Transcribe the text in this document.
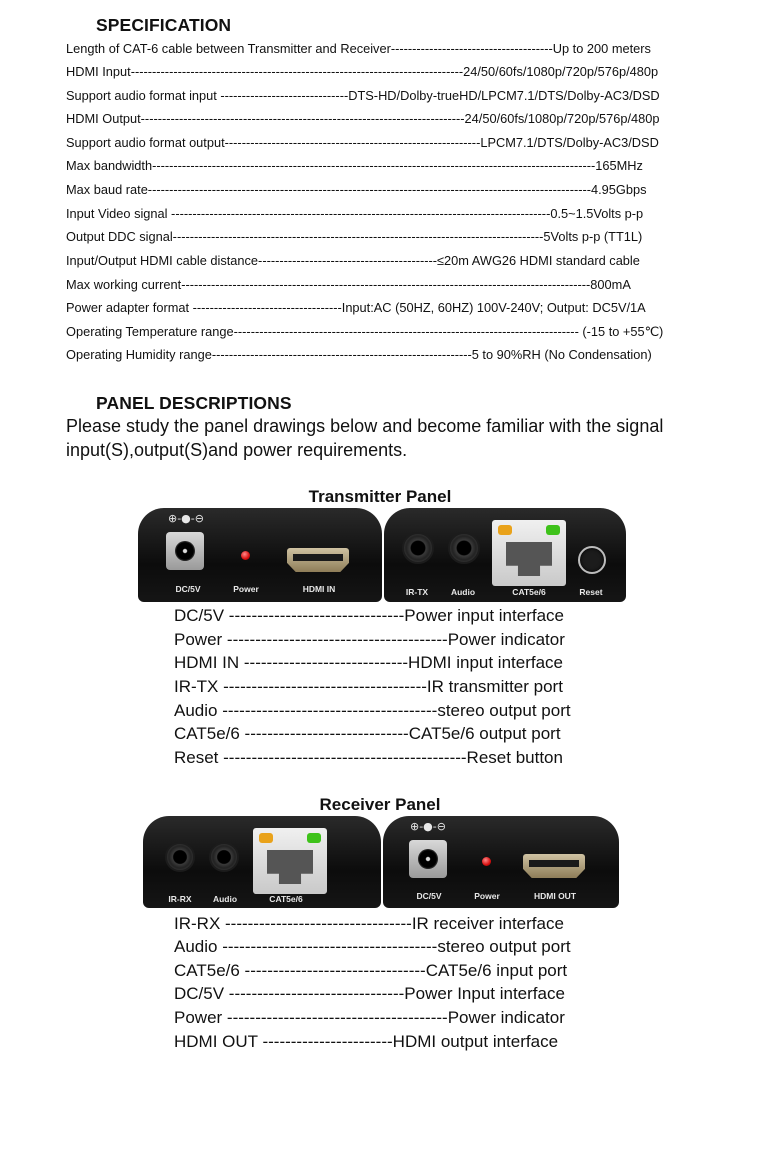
SPECIFICATION
Length of CAT-6 cable between Transmitter and Receiver--------------------------------------Up to 200 meters
HDMI Input------------------------------------------------------------------------------24/50/60fs/1080p/720p/576p/480p
Support audio format input ------------------------------DTS-HD/Dolby-trueHD/LPCM7.1/DTS/Dolby-AC3/DSD
HDMI Output----------------------------------------------------------------------------24/50/60fs/1080p/720p/576p/480p
Support audio format output------------------------------------------------------------LPCM7.1/DTS/Dolby-AC3/DSD
Max bandwidth--------------------------------------------------------------------------------------------------------165MHz
Max baud rate--------------------------------------------------------------------------------------------------------4.95Gbps
Input Video signal -----------------------------------------------------------------------------------------0.5~1.5Volts p-p
Output DDC signal---------------------------------------------------------------------------------------5Volts p-p (TT1L)
Input/Output HDMI cable distance------------------------------------------≤20m AWG26 HDMI standard cable
Max working current------------------------------------------------------------------------------------------------800mA
Power adapter format -----------------------------------Input:AC (50HZ, 60HZ) 100V-240V; Output: DC5V/1A
Operating Temperature range--------------------------------------------------------------------------------- (-15 to +55℃)
Operating Humidity range-------------------------------------------------------------5 to 90%RH (No Condensation)
PANEL DESCRIPTIONS
Please study the panel drawings below and become familiar with the signal input(S),output(S)and power requirements.
Transmitter Panel
⊕-●-⊖
DC/5V	Power	HDMI IN	IR-TX	Audio	CAT5e/6	Reset
DC/5V -------------------------------Power input interface
Power ---------------------------------------Power indicator
HDMI IN -----------------------------HDMI input interface
IR-TX ------------------------------------IR transmitter port
Audio --------------------------------------stereo output port
CAT5e/6 -----------------------------CAT5e/6 output port
Reset -------------------------------------------Reset button
Receiver Panel
IR-RX	Audio	CAT5e/6
⊕-●-⊖
DC/5V	Power	HDMI OUT
IR-RX ---------------------------------IR receiver interface
Audio --------------------------------------stereo output port
CAT5e/6 --------------------------------CAT5e/6 input port
DC/5V -------------------------------Power Input interface
Power ---------------------------------------Power indicator
HDMI OUT -----------------------HDMI output interface
